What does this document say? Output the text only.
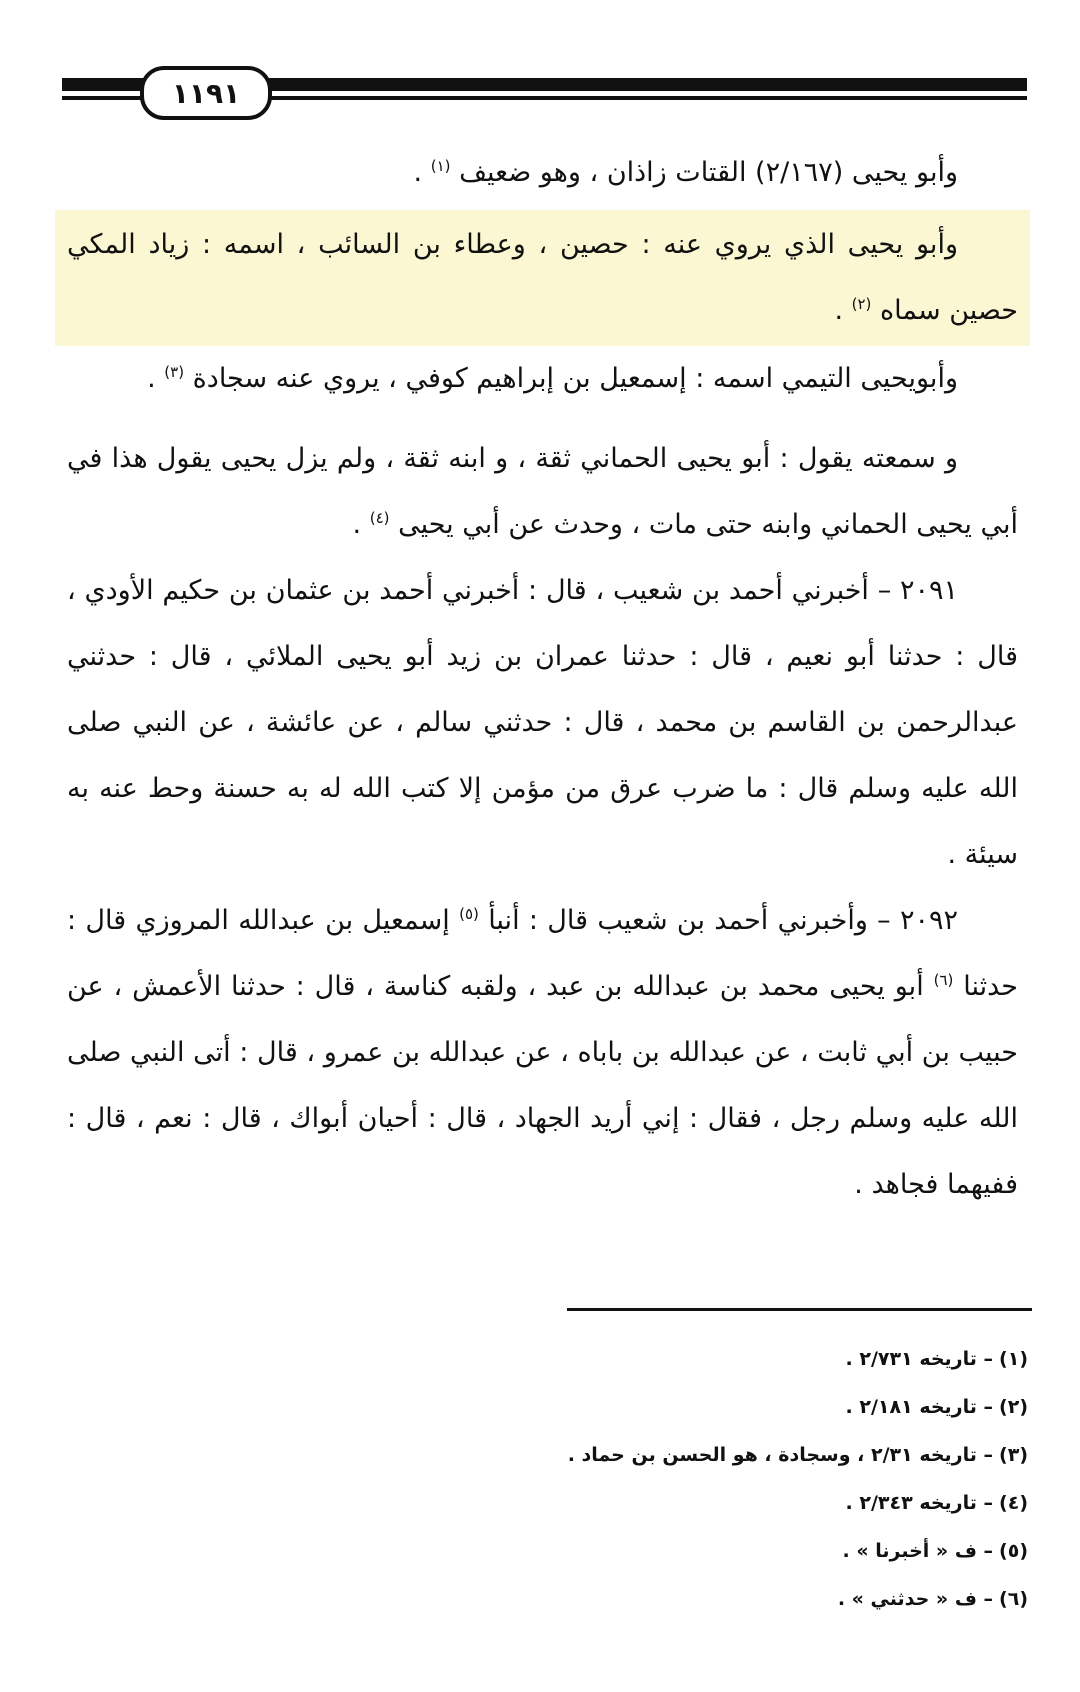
١١٩١

وأبو يحيى (٢/١٦٧) القتات زاذان ، وهو ضعيف $^{(١)}$ .

وأبو يحيى الذي يروي عنه : حصين ، وعطاء بن السائب ، اسمه : زياد المكي حصين سماه $^{(٢)}$ .

وأبويحيى التيمي اسمه : إسمعيل بن إبراهيم كوفي ، يروي عنه سجادة $^{(٣)}$ .

و سمعته يقول : أبو يحيى الحماني ثقة ، و ابنه ثقة ، ولم يزل يحيى يقول هذا في أبي يحيى الحماني وابنه حتى مات ، وحدث عن أبي يحيى $^{(٤)}$ .

٢٠٩١ – أخبرني أحمد بن شعيب ، قال : أخبرني أحمد بن عثمان بن حكيم الأودي ، قال : حدثنا أبو نعيم ، قال : حدثنا عمران بن زيد أبو يحيى الملائي ، قال : حدثني عبدالرحمن بن القاسم بن محمد ، قال : حدثني سالم ، عن عائشة ، عن النبي صلى الله عليه وسلم قال : ما ضرب عرق من مؤمن إلا كتب الله له به حسنة وحط عنه به سيئة .

٢٠٩٢ – وأخبرني أحمد بن شعيب قال : أنبأ $^{(٥)}$ إسمعيل بن عبدالله المروزي قال : حدثنا $^{(٦)}$ أبو يحيى محمد بن عبدالله بن عبد ، ولقبه كناسة ، قال : حدثنا الأعمش ، عن حبيب بن أبي ثابت ، عن عبدالله بن باباه ، عن عبدالله بن عمرو ، قال : أتى النبي صلى الله عليه وسلم رجل ، فقال : إني أريد الجهاد ، قال : أحيان أبواك ، قال : نعم ، قال : ففيهما فجاهد .

(١)– تاريخه ٢/٧٣١ .
(٢)– تاريخه ٢/١٨١ .
(٣)– تاريخه ٢/٣١ ، وسجادة ، هو الحسن بن حماد .
(٤)– تاريخه ٢/٣٤٣ .
(٥)– ف « أخبرنا » .
(٦)– ف « حدثني » .
